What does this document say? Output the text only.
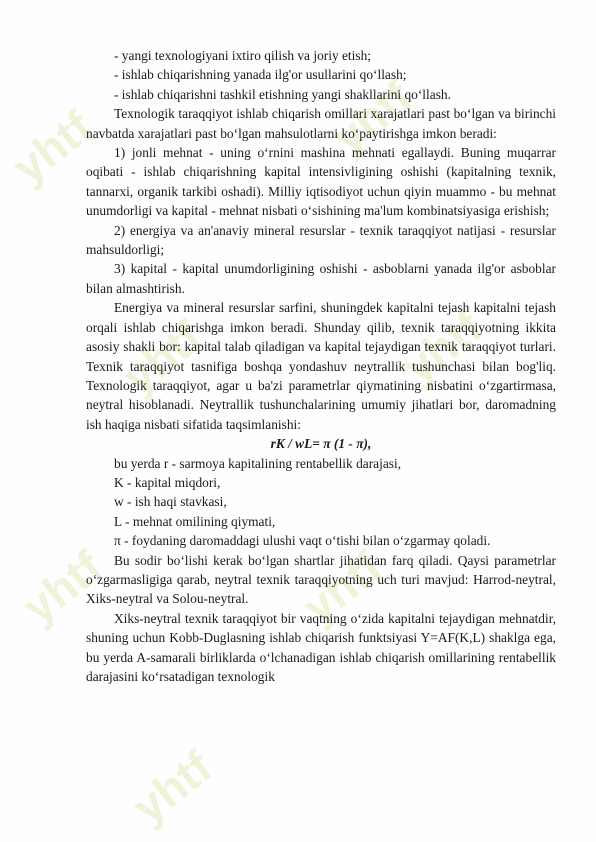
yhtf	yhtf
yhtf	yhtf
yhtf	yhtf
yhtf

- yangi texnologiyani ixtiro qilish va joriy etish;

- ishlab chiqarishning yanada ilg'or usullarini qo‘llash;

- ishlab chiqarishni tashkil etishning yangi shakllarini qo‘llash.

Texnologik taraqqiyot ishlab chiqarish omillari xarajatlari past bo‘lgan va birinchi navbatda xarajatlari past bo‘lgan mahsulotlarni ko‘paytirishga imkon beradi:

1) jonli mehnat - uning o‘rnini mashina mehnati egallaydi. Buning muqarrar oqibati - ishlab chiqarishning kapital intensivligining oshishi (kapitalning texnik, tannarxi, organik tarkibi oshadi). Milliy iqtisodiyot uchun qiyin muammo - bu mehnat unumdorligi va kapital - mehnat nisbati o‘sishining ma'lum kombinatsiyasiga erishish;

2) energiya va an'anaviy mineral resurslar - texnik taraqqiyot natijasi - resurslar mahsuldorligi;

3) kapital - kapital unumdorligining oshishi - asboblarni yanada ilg'or asboblar bilan almashtirish.

Energiya va mineral resurslar sarfini, shuningdek kapitalni tejash kapitalni tejash orqali ishlab chiqarishga imkon beradi. Shunday qilib, texnik taraqqiyotning ikkita asosiy shakli bor: kapital talab qiladigan va kapital tejaydigan texnik taraqqiyot turlari. Texnik taraqqiyot tasnifiga boshqa yondashuv neytrallik tushunchasi bilan bog'liq. Texnologik taraqqiyot, agar u ba'zi parametrlar qiymatining nisbatini o‘zgartirmasa, neytral hisoblanadi. Neytrallik tushunchalarining umumiy jihatlari bor, daromadning ish haqiga nisbati sifatida taqsimlanishi:

rK / wL= π (1 - π),

bu yerda r - sarmoya kapitalining rentabellik darajasi,

K - kapital miqdori,

w - ish haqi stavkasi,

L - mehnat omilining qiymati,

π - foydaning daromaddagi ulushi vaqt o‘tishi bilan o‘zgarmay qoladi.

Bu sodir bo‘lishi kerak bo‘lgan shartlar jihatidan farq qiladi. Qaysi parametrlar o‘zgarmasligiga qarab, neytral texnik taraqqiyotning uch turi mavjud: Harrod-neytral, Xiks-neytral va Solou-neytral.

Xiks-neytral texnik taraqqiyot bir vaqtning o‘zida kapitalni tejaydigan mehnatdir, shuning uchun Kobb-Duglasning ishlab chiqarish funktsiyasi Y=AF(K,L) shaklga ega, bu yerda A-samarali birliklarda o‘lchanadigan ishlab chiqarish omillarining rentabellik darajasini ko‘rsatadigan texnologik
